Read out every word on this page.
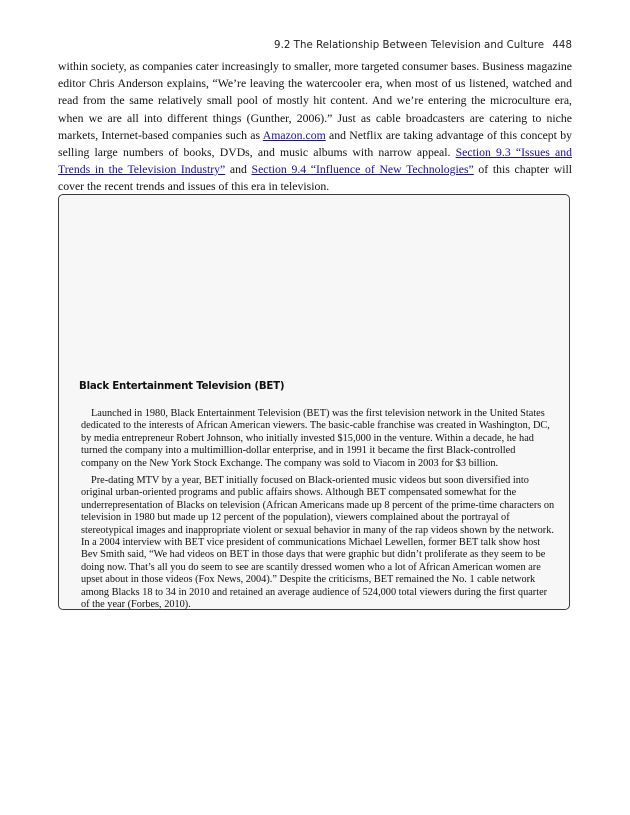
9.2 The Relationship Between Television and Culture 448

within society, as companies cater increasingly to smaller, more targeted consumer bases. Business magazine editor Chris Anderson explains, “We’re leaving the watercooler era, when most of us listened, watched and read from the same relatively small pool of mostly hit content. And we’re entering the microculture era, when we are all into different things (Gunther, 2006).” Just as cable broadcasters are catering to niche markets, Internet-based companies such as Amazon.com and Netflix are taking advantage of this concept by selling large numbers of books, DVDs, and music albums with narrow appeal. Section 9.3 “Issues and Trends in the Television Industry” and Section 9.4 “Influence of New Technologies” of this chapter will cover the recent trends and issues of this era in television.

Black Entertainment Television (BET)

Launched in 1980, Black Entertainment Television (BET) was the first television network in the United States dedicated to the interests of African American viewers. The basic-cable franchise was created in Washington, DC, by media entrepreneur Robert Johnson, who initially invested $15,000 in the venture. Within a decade, he had turned the company into a multimillion-dollar enterprise, and in 1991 it became the first Black-controlled company on the New York Stock Exchange. The company was sold to Viacom in 2003 for $3 billion.

Pre-dating MTV by a year, BET initially focused on Black-oriented music videos but soon diversified into original urban-oriented programs and public affairs shows. Although BET compensated somewhat for the underrepresentation of Blacks on television (African Americans made up 8 percent of the prime-time characters on television in 1980 but made up 12 percent of the population), viewers complained about the portrayal of stereotypical images and inappropriate violent or sexual behavior in many of the rap videos shown by the network. In a 2004 interview with BET vice president of communications Michael Lewellen, former BET talk show host Bev Smith said, “We had videos on BET in those days that were graphic but didn’t proliferate as they seem to be doing now. That’s all you do seem to see are scantily dressed women who a lot of African American women are upset about in those videos (Fox News, 2004).” Despite the criticisms, BET remained the No. 1 cable network among Blacks 18 to 34 in 2010 and retained an average audience of 524,000 total viewers during the first quarter of the year (Forbes, 2010).
